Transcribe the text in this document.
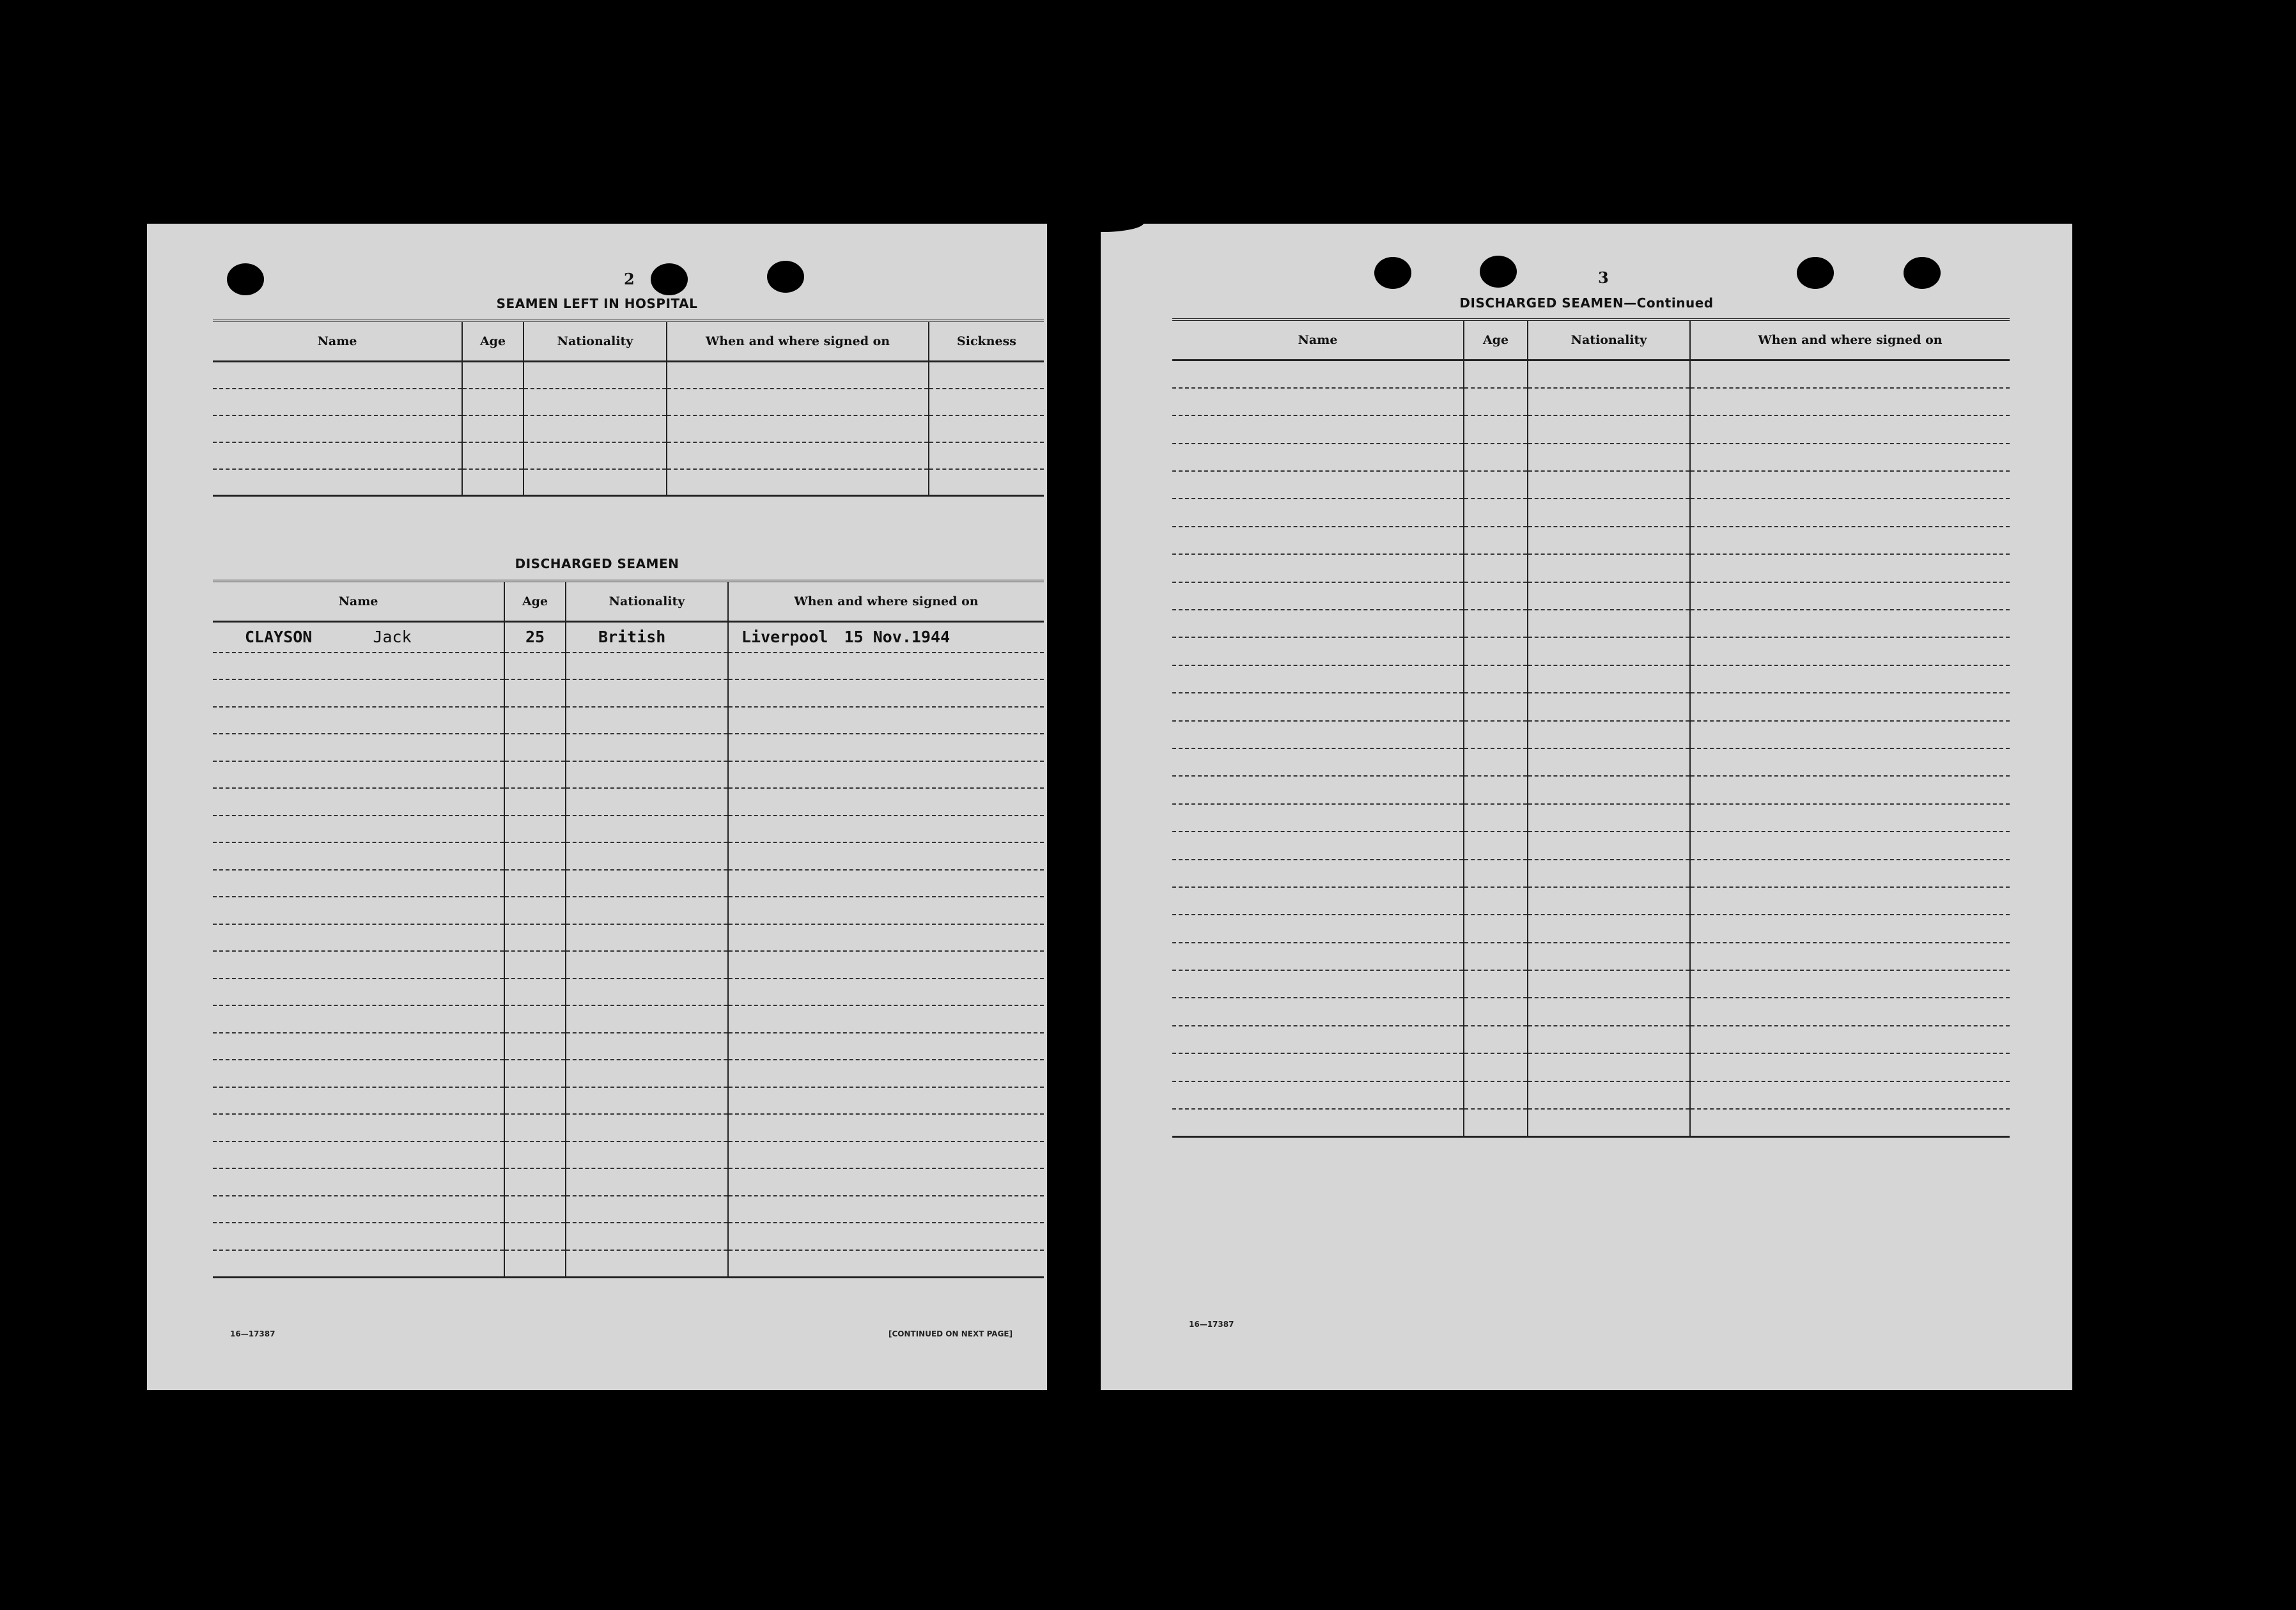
2
SEAMEN LEFT IN HOSPITAL
Name	Age	Nationality	When and where signed on	Sickness

DISCHARGED SEAMEN
Name	Age	Nationality	When and where signed on
CLAYSON Jack	25	British	Liverpool 15 Nov.1944

16—17387	[CONTINUED ON NEXT PAGE]
3
DISCHARGED SEAMEN—Continued
Name	Age	Nationality	When and where signed on

16—17387
